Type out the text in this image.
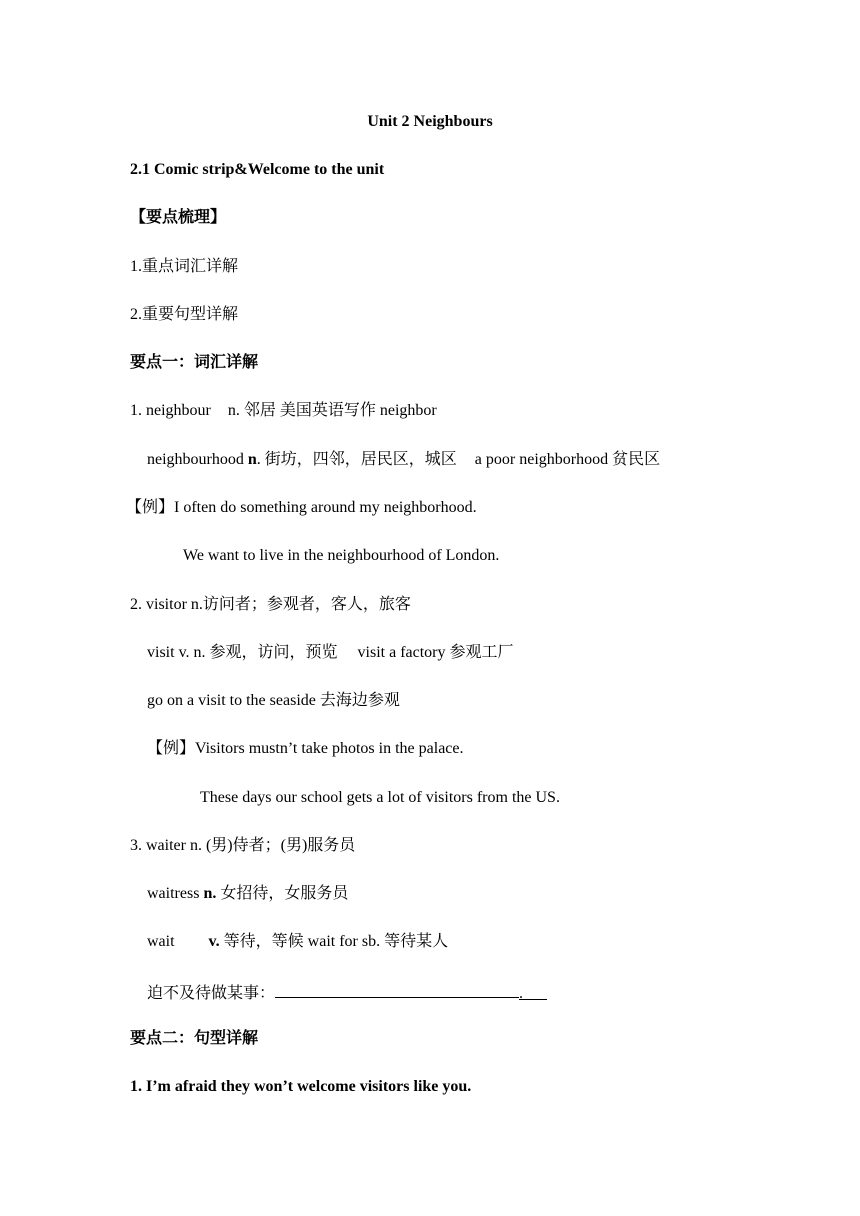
Unit 2 Neighbours
2.1 Comic strip&Welcome to the unit
【要点梳理】
1.重点词汇详解
2.重要句型详解
要点一：词汇详解
1. neighbour n. 邻居 美国英语写作 neighbor
neighbourhood n. 街坊，四邻，居民区，城区 a poor neighborhood 贫民区
【例】I often do something around my neighborhood.
We want to live in the neighbourhood of London.
2. visitor n.访问者；参观者，客人，旅客
visit v. n. 参观，访问，预览 visit a factory 参观工厂
go on a visit to the seaside 去海边参观
【例】Visitors mustn’t take photos in the palace.
These days our school gets a lot of visitors from the US.
3. waiter n. (男)侍者；(男)服务员
waitress n. 女招待，女服务员
wait v. 等待，等候 wait for sb. 等待某人
迫不及待做某事：	.
要点二：句型详解
1. I’m afraid they won’t welcome visitors like you.
